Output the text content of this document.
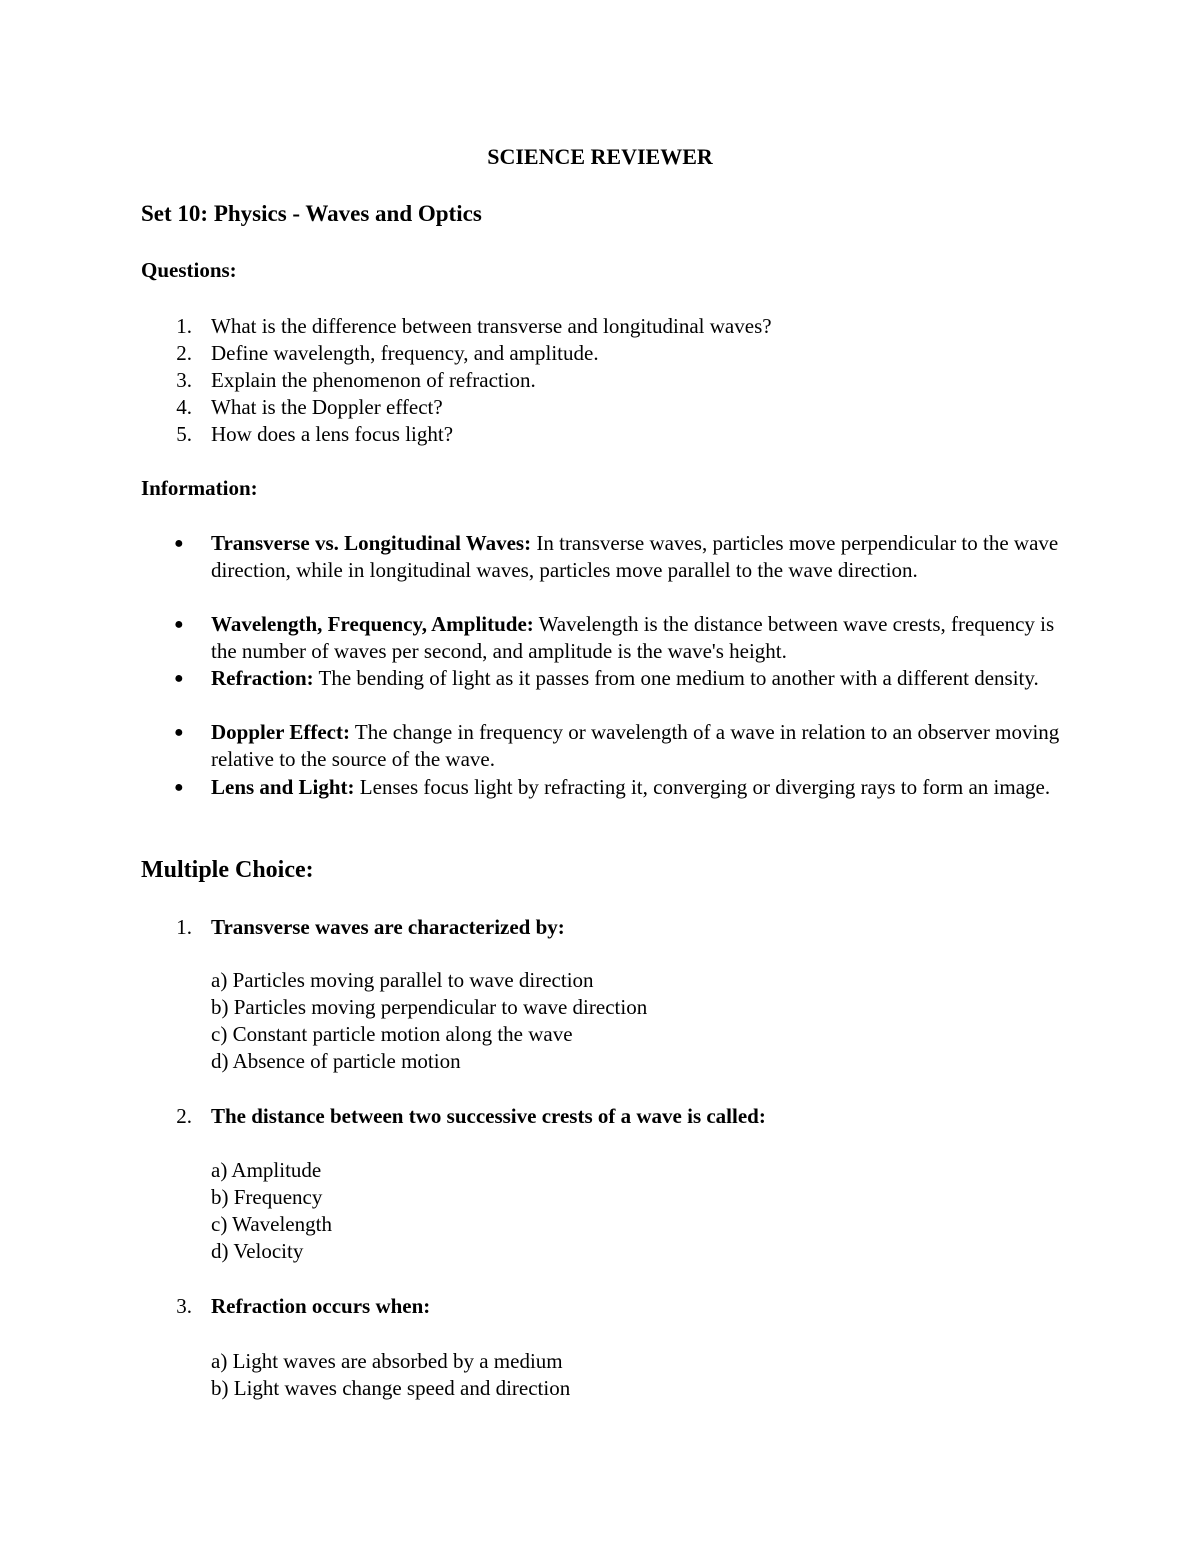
SCIENCE REVIEWER
Set 10: Physics - Waves and Optics
Questions:
1. What is the difference between transverse and longitudinal waves?
2. Define wavelength, frequency, and amplitude.
3. Explain the phenomenon of refraction.
4. What is the Doppler effect?
5. How does a lens focus light?
Information:
● Transverse vs. Longitudinal Waves: In transverse waves, particles move perpendicular to the wave direction, while in longitudinal waves, particles move parallel to the wave direction.
● Wavelength, Frequency, Amplitude: Wavelength is the distance between wave crests, frequency is the number of waves per second, and amplitude is the wave's height.
● Refraction: The bending of light as it passes from one medium to another with a different density.
● Doppler Effect: The change in frequency or wavelength of a wave in relation to an observer moving relative to the source of the wave.
● Lens and Light: Lenses focus light by refracting it, converging or diverging rays to form an image.
Multiple Choice:
1. Transverse waves are characterized by:
a) Particles moving parallel to wave direction
b) Particles moving perpendicular to wave direction
c) Constant particle motion along the wave
d) Absence of particle motion
2. The distance between two successive crests of a wave is called:
a) Amplitude
b) Frequency
c) Wavelength
d) Velocity
3. Refraction occurs when:
a) Light waves are absorbed by a medium
b) Light waves change speed and direction
